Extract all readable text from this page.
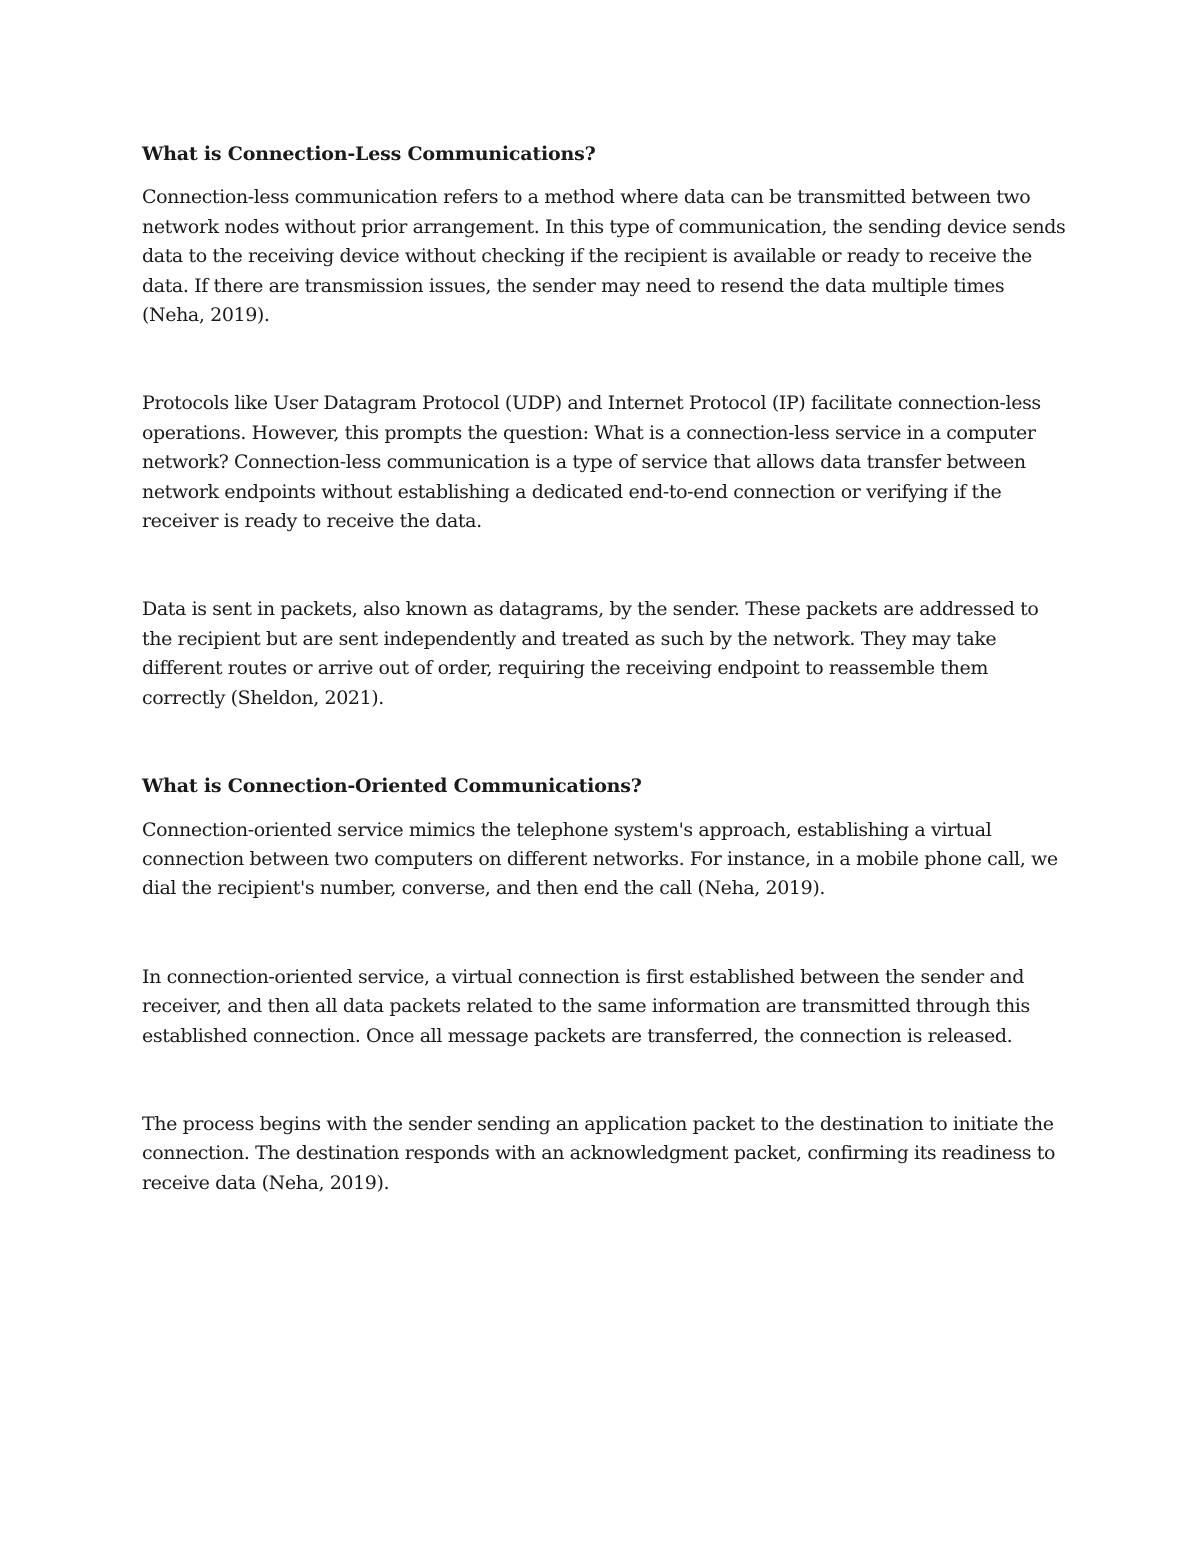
What is Connection-Less Communications?

Connection-less communication refers to a method where data can be transmitted between two network nodes without prior arrangement. In this type of communication, the sending device sends data to the receiving device without checking if the recipient is available or ready to receive the data. If there are transmission issues, the sender may need to resend the data multiple times (Neha, 2019).

Protocols like User Datagram Protocol (UDP) and Internet Protocol (IP) facilitate connection-less operations. However, this prompts the question: What is a connection-less service in a computer network? Connection-less communication is a type of service that allows data transfer between network endpoints without establishing a dedicated end-to-end connection or verifying if the receiver is ready to receive the data.

Data is sent in packets, also known as datagrams, by the sender. These packets are addressed to the recipient but are sent independently and treated as such by the network. They may take different routes or arrive out of order, requiring the receiving endpoint to reassemble them correctly (Sheldon, 2021).

What is Connection-Oriented Communications?

Connection-oriented service mimics the telephone system's approach, establishing a virtual connection between two computers on different networks. For instance, in a mobile phone call, we dial the recipient's number, converse, and then end the call (Neha, 2019).

In connection-oriented service, a virtual connection is first established between the sender and receiver, and then all data packets related to the same information are transmitted through this established connection. Once all message packets are transferred, the connection is released.

The process begins with the sender sending an application packet to the destination to initiate the connection. The destination responds with an acknowledgment packet, confirming its readiness to receive data (Neha, 2019).
